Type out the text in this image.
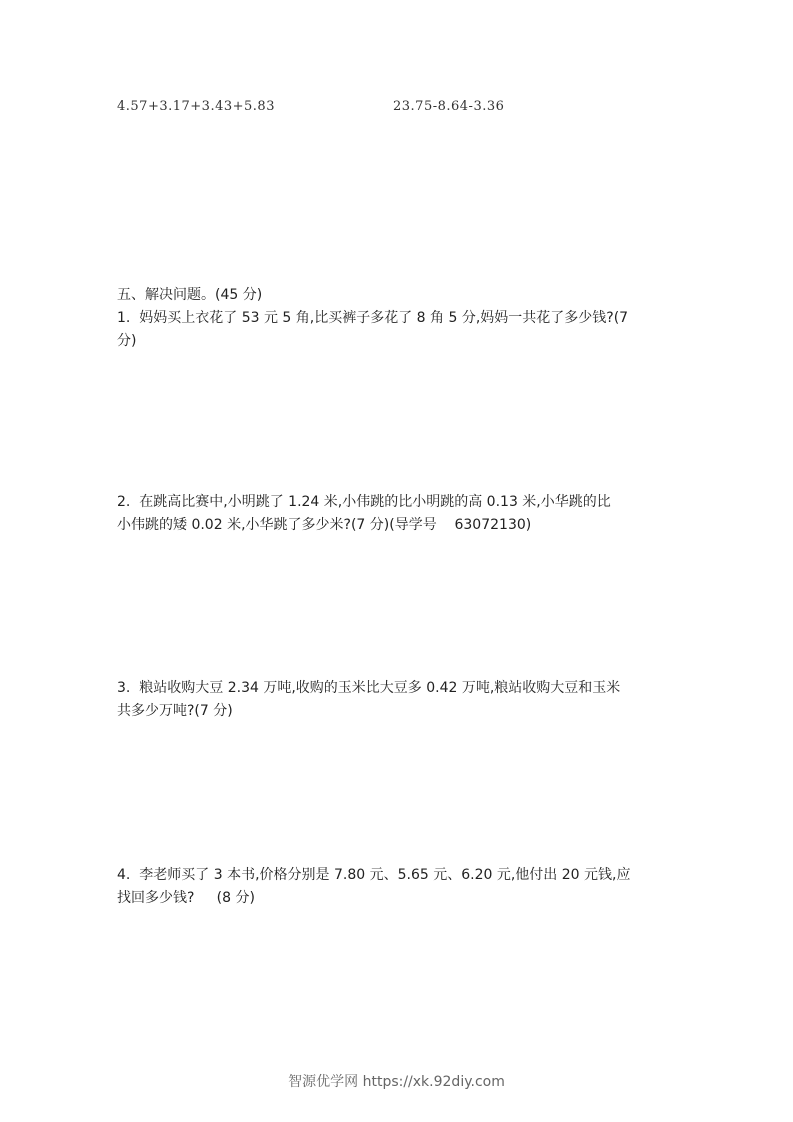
4.57+3.17+3.43+5.83	23.75-8.64-3.36
五、解决问题。(45 分)
1.  妈妈买上衣花了 53 元 5 角,比买裤子多花了 8 角 5 分,妈妈一共花了多少钱?(7
分)
2.  在跳高比赛中,小明跳了 1.24 米,小伟跳的比小明跳的高 0.13 米,小华跳的比
小伟跳的矮 0.02 米,小华跳了多少米?(7 分)(导学号    63072130)
3.  粮站收购大豆 2.34 万吨,收购的玉米比大豆多 0.42 万吨,粮站收购大豆和玉米
共多少万吨?(7 分)
4.  李老师买了 3 本书,价格分别是 7.80 元、5.65 元、6.20 元,他付出 20 元钱,应
找回多少钱?     (8 分)
智源优学网 https://xk.92diy.com
